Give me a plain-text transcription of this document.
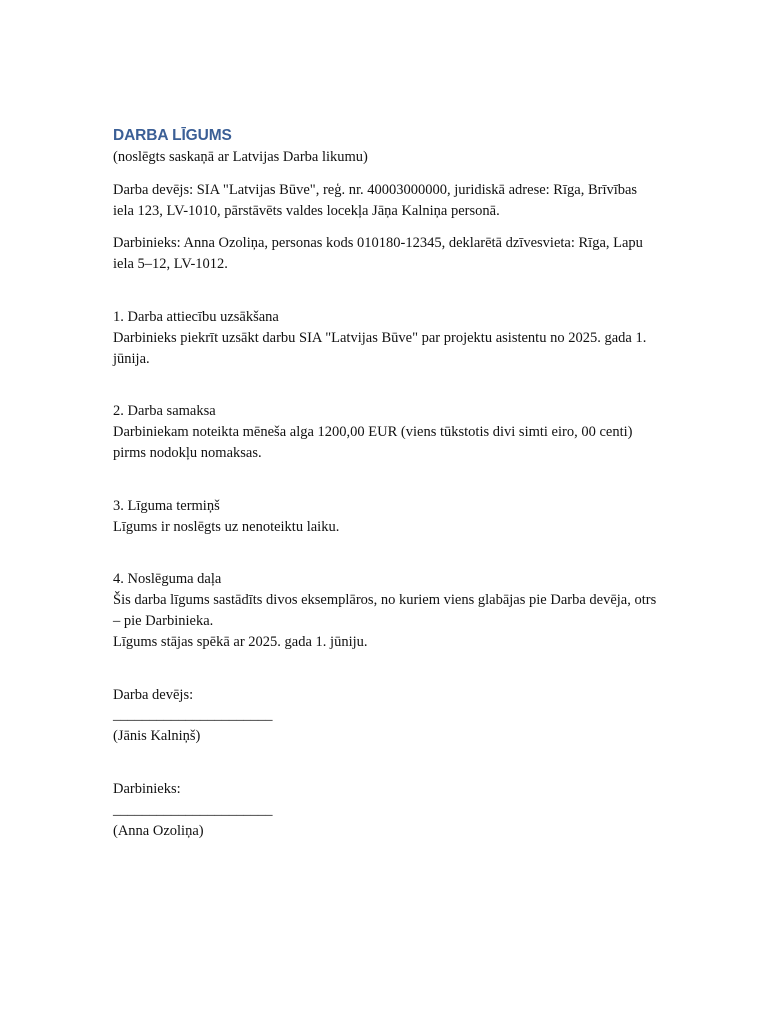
DARBA LĪGUMS

(noslēgts saskaņā ar Latvijas Darba likumu)

Darba devējs: SIA "Latvijas Būve", reģ. nr. 40003000000, juridiskā adrese: Rīga, Brīvības iela 123, LV-1010, pārstāvēts valdes locekļa Jāņa Kalniņa personā.

Darbinieks: Anna Ozoliņa, personas kods 010180-12345, deklarētā dzīvesvieta: Rīga, Lapu iela 5–12, LV-1012.

1. Darba attiecību uzsākšana

Darbinieks piekrīt uzsākt darbu SIA "Latvijas Būve" par projektu asistentu no 2025. gada 1. jūnija.

2. Darba samaksa

Darbiniekam noteikta mēneša alga 1200,00 EUR (viens tūkstotis divi simti eiro, 00 centi) pirms nodokļu nomaksas.

3. Līguma termiņš

Līgums ir noslēgts uz nenoteiktu laiku.

4. Noslēguma daļa

Šis darba līgums sastādīts divos eksemplāros, no kuriem viens glabājas pie Darba devēja, otrs – pie Darbinieka.

Līgums stājas spēkā ar 2025. gada 1. jūniju.

Darba devējs:

______________________

(Jānis Kalniņš)

Darbinieks:

______________________

(Anna Ozoliņa)
